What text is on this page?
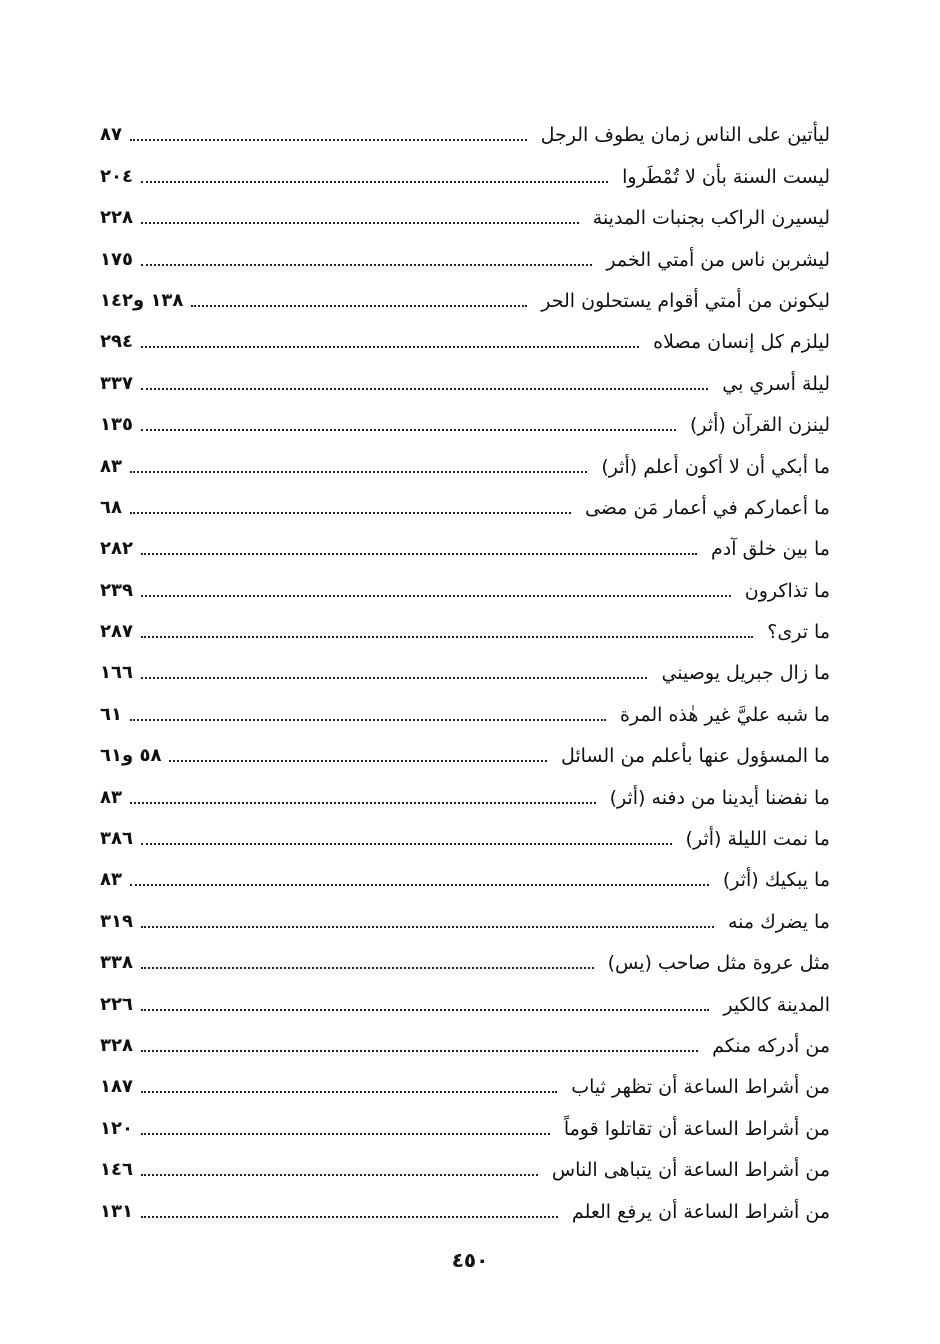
ليأتين على الناس زمان يطوف الرجل
٨٧
ليست السنة بأن لا تُمْطَروا
٢٠٤
ليسيرن الراكب بجنبات المدينة
٢٢٨
ليشربن ناس من أمتي الخمر
١٧٥
ليكونن من أمتي أقوام يستحلون الحر
١٣٨ و١٤٢
ليلزم كل إنسان مصلاه
٢٩٤
ليلة أسري بي
٣٣٧
لينزن القرآن (أثر)
١٣٥
ما أبكي أن لا أكون أعلم (أثر)
٨٣
ما أعماركم في أعمار مَن مضى
٦٨
ما بين خلق آدم
٢٨٢
ما تذاكرون
٢٣٩
ما ترى؟
٢٨٧
ما زال جبريل يوصيني
١٦٦
ما شبه عليَّ غير هٰذه المرة
٦١
ما المسؤول عنها بأعلم من السائل
٥٨ و٦١
ما نفضنا أيدينا من دفنه (أثر)
٨٣
ما نمت الليلة (أثر)
٣٨٦
ما يبكيك (أثر)
٨٣
ما يضرك منه
٣١٩
مثل عروة مثل صاحب (يس)
٣٣٨
المدينة كالكير
٢٢٦
من أدركه منكم
٣٢٨
من أشراط الساعة أن تظهر ثياب
١٨٧
من أشراط الساعة أن تقاتلوا قوماً
١٢٠
من أشراط الساعة أن يتباهى الناس
١٤٦
من أشراط الساعة أن يرفع العلم
١٣١
٤٥٠
